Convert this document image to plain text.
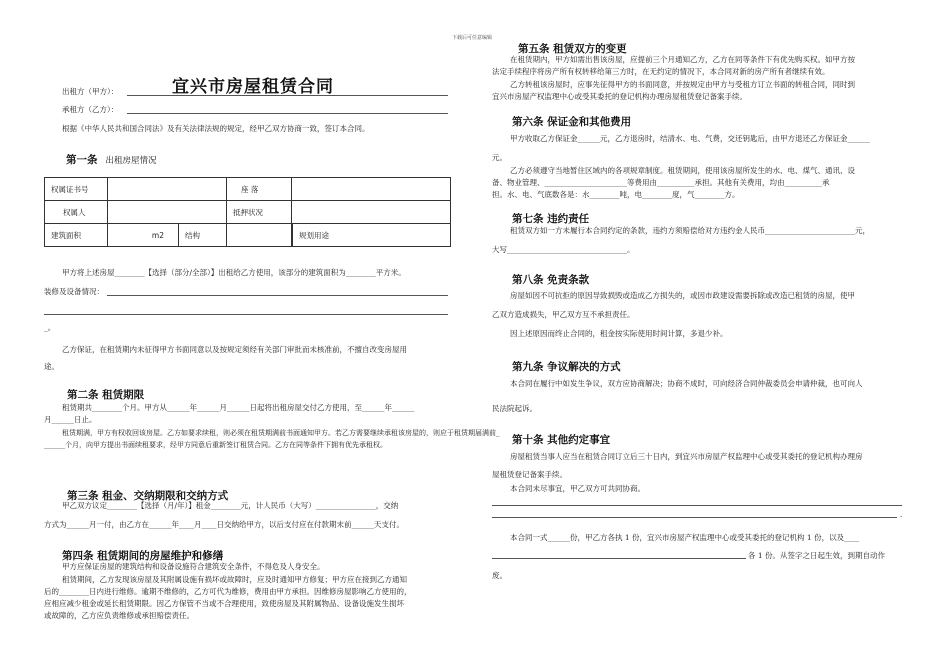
下载后可任意编辑
宜兴市房屋租赁合同
出租方（甲方）：
承租方（乙方）：
根据《中华人民共和国合同法》及有关法律法规的规定，经甲乙双方协商一致，签订本合同。
第一条 出租房屋情况
权属证书号		座 落	
权属人		抵押状况	
建筑面积	m2 结构		规划用途
甲方将上述房屋________【选择（部分/全部）】出租给乙方使用，该部分的建筑面积为________平方米。
装修及设备情况：
_。
乙方保证，在租赁期内未征得甲方书面同意以及按规定须经有关部门审批而未核准前，不擅自改变房屋用
途。
第二条 租赁期限
租赁期共________个月。甲方从______年______月______日起将出租房屋交付乙方使用，至______年______
月______日止。
租赁期满，甲方有权收回该房屋。乙方如要求续租，则必须在租赁期满前书面通知甲方。若乙方需要继续承租该房屋的，则应于租赁期届满前_
______个月，向甲方提出书面续租要求，经甲方同意后重新签订租赁合同。乙方在同等条件下拥有优先承租权。
第三条 租金、交纳期限和交纳方式
甲乙双方议定________【选择（月/年）】租金________元，计人民币（大写）________________，交纳
方式为______月一付，由乙方在______年____月____日交纳给甲方，以后支付应在付款期末前______天支付。
第四条 租赁期间的房屋维护和修缮
甲方应保证房屋的建筑结构和设备设施符合建筑安全条件，不得危及人身安全。
租赁期间，乙方发现该房屋及其附属设施有损坏或故障时，应及时通知甲方修复；甲方应在接到乙方通知
后的________日内进行维修。逾期不维修的，乙方可代为维修，费用由甲方承担。因维修房屋影响乙方使用的，
应相应减少租金或延长租赁期限。因乙方保管不当或不合理使用，致使房屋及其附属物品、设备设施发生损坏
或故障的，乙方应负责维修或承担赔偿责任。
第五条 租赁双方的变更
在租赁期内，甲方如需出售该房屋，应提前三个月通知乙方，乙方在同等条件下有优先购买权。如甲方按
法定手续程序将房产所有权转移给第三方时，在无约定的情况下，本合同对新的房产所有者继续有效。
乙方转租该房屋时，应事先征得甲方的书面同意，并按规定由甲方与受租方订立书面的转租合同，同时到
宜兴市房屋产权监理中心或受其委托的登记机构办理房屋租赁登记备案手续。
第六条 保证金和其他费用
甲方收取乙方保证金______元，乙方退房时，结清水、电、气费，交还钥匙后，由甲方退还乙方保证金______
元。
乙方必须遵守当地暂住区域内的各项规章制度。租赁期间，使用该房屋所发生的水、电、煤气、通讯、设
备、物业管理、______________________等费用由__________承担。其他有关费用，均由__________承
担。水、电、气底数各是：水________吨，电________度，气________方。
第七条 违约责任
租赁双方如一方未履行本合同约定的条款，违约方须赔偿给对方违约金人民币________________________元，
大写________________________________。
第八条 免责条款
房屋如因不可抗拒的原因导致损毁或造成乙方损失的，或因市政建设需要拆除或改造已租赁的房屋，使甲
乙双方造成损失，甲乙双方互不承担责任。
因上述原因而终止合同的，租金按实际使用时间计算，多退少补。
第九条 争议解决的方式
本合同在履行中如发生争议，双方应协商解决；协商不成时，可向经济合同仲裁委员会申请仲裁，也可向人
民法院起诉。
第十条 其他约定事宜
房屋租赁当事人应当在租赁合同订立后三十日内，到宜兴市房屋产权监理中心或受其委托的登记机构办理房
屋租赁登记备案手续。
本合同未尽事宜，甲乙双方可共同协商。
.
本合同一式______份，甲乙方各执 1 份，宜兴市房屋产权监理中心或受其委托的登记机构 1 份，以及____
各 1 份。从签字之日起生效，到期自动作
废。
